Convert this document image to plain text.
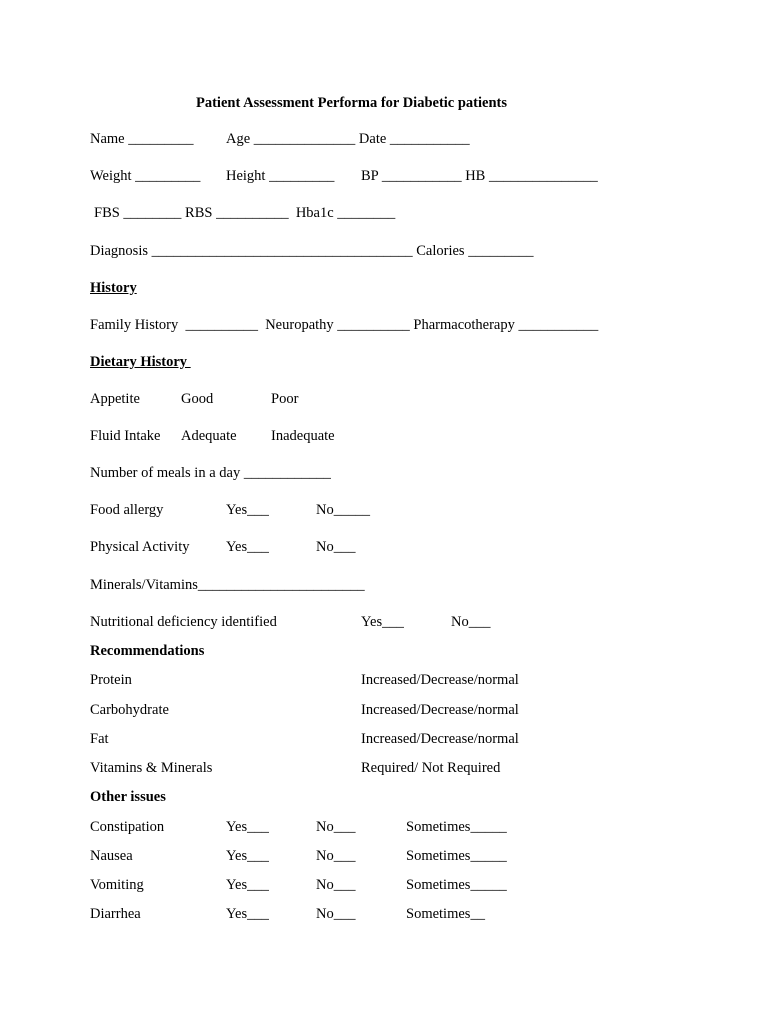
Patient Assessment Performa for Diabetic patients
Name _________ Age ______________ Date ___________
Weight _________ Height _________ BP ___________ HB _______________
FBS ________ RBS __________  Hba1c ________
Diagnosis ____________________________________ Calories _________
History
Family History  __________  Neuropathy __________ Pharmacotherapy ___________
Dietary History
Appetite	Good	Poor
Fluid Intake Adequate Inadequate
Number of meals in a day ____________
Food allergy	Yes___	No_____
Physical Activity	Yes___	No___
Minerals/Vitamins_______________________
Nutritional deficiency identified	Yes___	No___
Recommendations
Protein	Increased/Decrease/normal
Carbohydrate	Increased/Decrease/normal
Fat	Increased/Decrease/normal
Vitamins & Minerals	Required/ Not Required
Other issues
Constipation	Yes___	No___	Sometimes_____
Nausea	Yes___	No___	Sometimes_____
Vomiting	Yes___	No___	Sometimes_____
Diarrhea	Yes___	No___	Sometimes__
